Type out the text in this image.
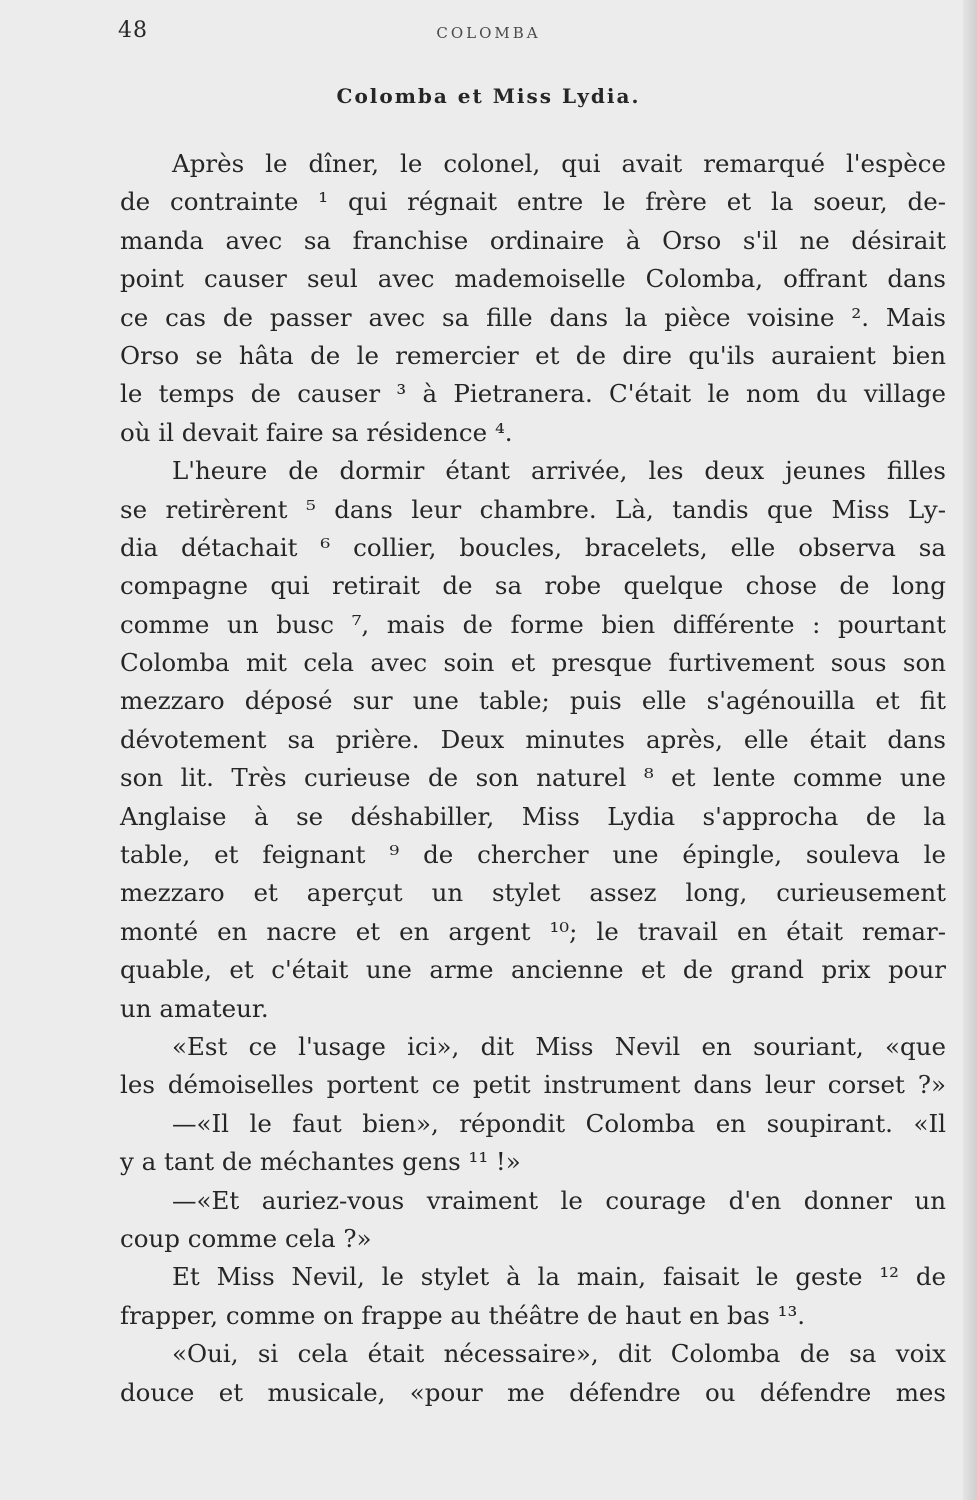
48	COLOMBA
Colomba et Miss Lydia.
Après le dîner, le colonel, qui avait remarqué l'espèce
de contrainte ¹ qui régnait entre le frère et la soeur, de-
manda avec sa franchise ordinaire à Orso s'il ne désirait
point causer seul avec mademoiselle Colomba, offrant dans
ce cas de passer avec sa fille dans la pièce voisine ². Mais
Orso se hâta de le remercier et de dire qu'ils auraient bien
le temps de causer ³ à Pietranera. C'était le nom du village
où il devait faire sa résidence ⁴.
L'heure de dormir étant arrivée, les deux jeunes filles
se retirèrent ⁵ dans leur chambre. Là, tandis que Miss Ly-
dia détachait ⁶ collier, boucles, bracelets, elle observa sa
compagne qui retirait de sa robe quelque chose de long
comme un busc ⁷, mais de forme bien différente : pourtant
Colomba mit cela avec soin et presque furtivement sous son
mezzaro déposé sur une table; puis elle s'agénouilla et fit
dévotement sa prière. Deux minutes après, elle était dans
son lit. Très curieuse de son naturel ⁸ et lente comme une
Anglaise à se déshabiller, Miss Lydia s'approcha de la
table, et feignant ⁹ de chercher une épingle, souleva le
mezzaro et aperçut un stylet assez long, curieusement
monté en nacre et en argent ¹⁰; le travail en était remar-
quable, et c'était une arme ancienne et de grand prix pour
un amateur.
«Est ce l'usage ici», dit Miss Nevil en souriant, «que
les démoiselles portent ce petit instrument dans leur corset ?»
—«Il le faut bien», répondit Colomba en soupirant. «Il
y a tant de méchantes gens ¹¹ !»
—«Et auriez-vous vraiment le courage d'en donner un
coup comme cela ?»
Et Miss Nevil, le stylet à la main, faisait le geste ¹² de
frapper, comme on frappe au théâtre de haut en bas ¹³.
«Oui, si cela était nécessaire», dit Colomba de sa voix
douce et musicale, «pour me défendre ou défendre mes
